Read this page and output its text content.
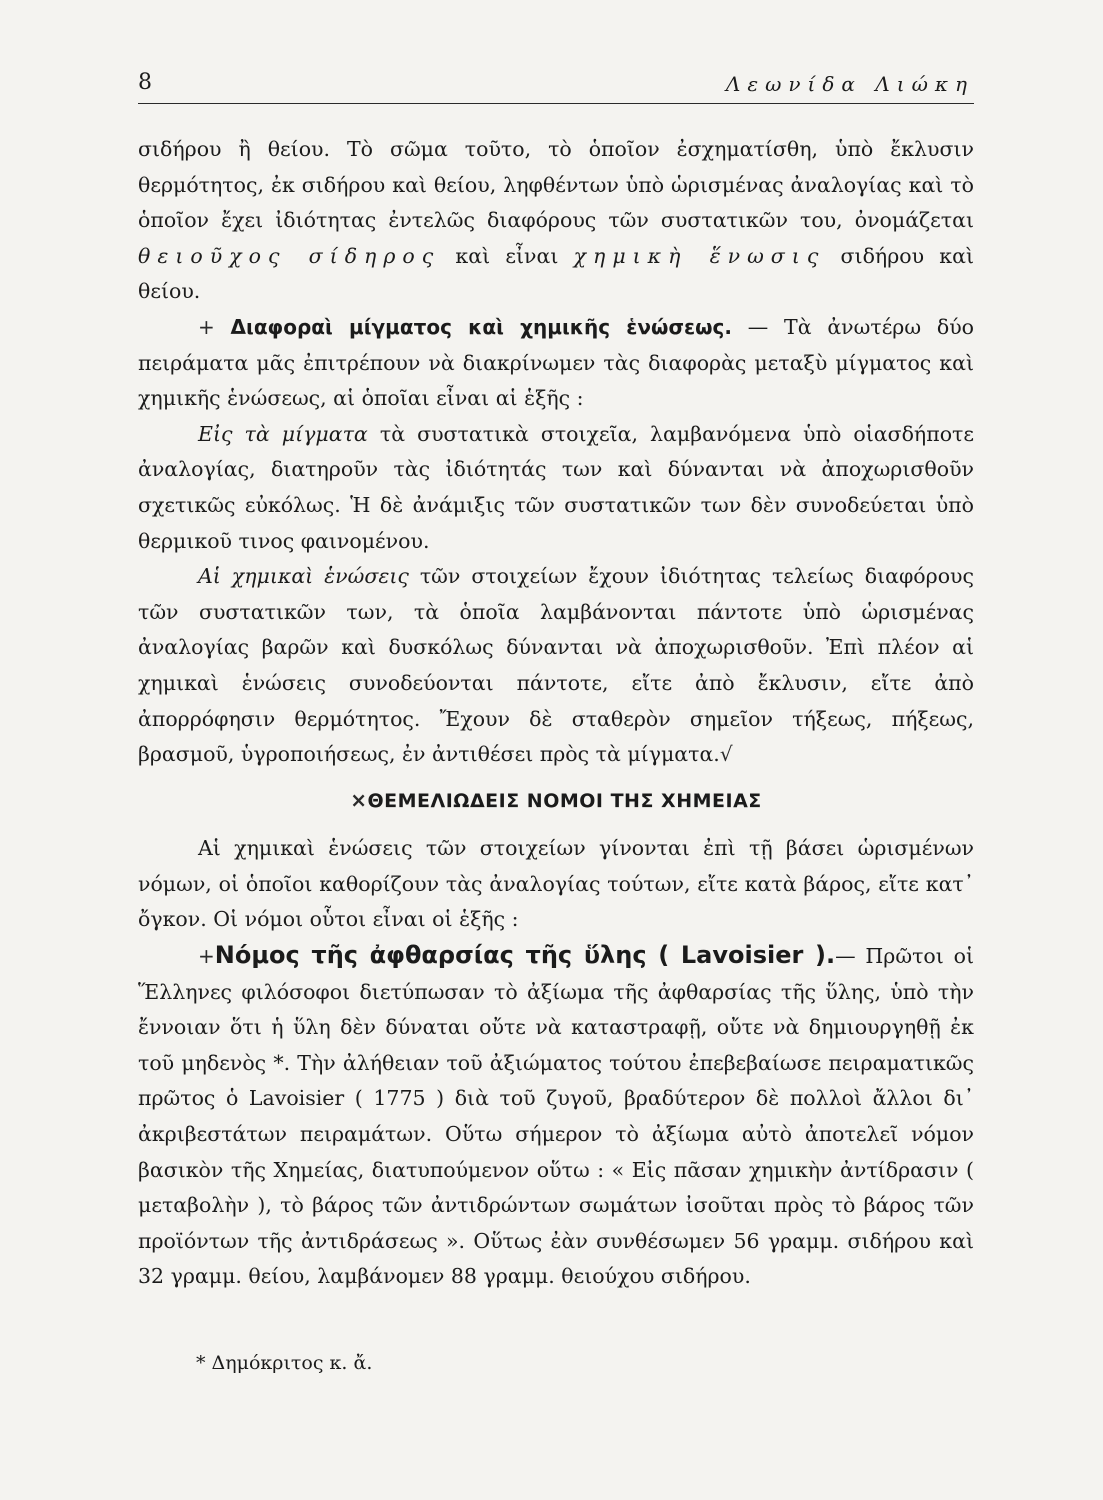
8	Λεωνίδα Λιώκη

σιδήρου ἢ θείου. Τὸ σῶμα τοῦτο, τὸ ὁποῖον ἐσχηματίσθη, ὑπὸ ἔκλυσιν θερμότητος, ἐκ σιδήρου καὶ θείου, ληφθέντων ὑπὸ ὡρισμένας ἀναλογίας καὶ τὸ ὁποῖον ἔχει ἰδιότητας ἐντελῶς διαφόρους τῶν συστατικῶν του, ὀνομάζεται θειοῦχος σίδηρος καὶ εἶναι χημικὴ ἕνωσις σιδήρου καὶ θείου.

+ Διαφοραὶ μίγματος καὶ χημικῆς ἑνώσεως. — Τὰ ἀνωτέρω δύο πειράματα μᾶς ἐπιτρέπουν νὰ διακρίνωμεν τὰς διαφορὰς μεταξὺ μίγματος καὶ χημικῆς ἑνώσεως, αἱ ὁποῖαι εἶναι αἱ ἑξῆς :

Εἰς τὰ μίγματα τὰ συστατικὰ στοιχεῖα, λαμβανόμενα ὑπὸ οἱασδήποτε ἀναλογίας, διατηροῦν τὰς ἰδιότητάς των καὶ δύνανται νὰ ἀποχωρισθοῦν σχετικῶς εὐκόλως. Ἡ δὲ ἀνάμιξις τῶν συστατικῶν των δὲν συνοδεύεται ὑπὸ θερμικοῦ τινος φαινομένου.

Αἱ χημικαὶ ἑνώσεις τῶν στοιχείων ἔχουν ἰδιότητας τελείως διαφόρους τῶν συστατικῶν των, τὰ ὁποῖα λαμβάνονται πάντοτε ὑπὸ ὡρισμένας ἀναλογίας βαρῶν καὶ δυσκόλως δύνανται νὰ ἀποχωρισθοῦν. Ἐπὶ πλέον αἱ χημικαὶ ἑνώσεις συνοδεύονται πάντοτε, εἴτε ἀπὸ ἔκλυσιν, εἴτε ἀπὸ ἀπορρόφησιν θερμότητος. Ἔχουν δὲ σταθερὸν σημεῖον τήξεως, πήξεως, βρασμοῦ, ὑγροποιήσεως, ἐν ἀντιθέσει πρὸς τὰ μίγματα.√

×ΘΕΜΕΛΙΩΔΕΙΣ ΝΟΜΟΙ ΤΗΣ ΧΗΜΕΙΑΣ

Αἱ χημικαὶ ἑνώσεις τῶν στοιχείων γίνονται ἐπὶ τῇ βάσει ὡρισμένων νόμων, οἱ ὁποῖοι καθορίζουν τὰς ἀναλογίας τούτων, εἴτε κατὰ βάρος, εἴτε κατ᾽ ὄγκον. Οἱ νόμοι οὗτοι εἶναι οἱ ἑξῆς :

+Νόμος τῆς ἀφθαρσίας τῆς ὕλης ( Lavoisier ).— Πρῶτοι οἱ Ἕλληνες φιλόσοφοι διετύπωσαν τὸ ἀξίωμα τῆς ἀφθαρσίας τῆς ὕλης, ὑπὸ τὴν ἔννοιαν ὅτι ἡ ὕλη δὲν δύναται οὔτε νὰ καταστραφῇ, οὔτε νὰ δημιουργηθῇ ἐκ τοῦ μηδενὸς *. Τὴν ἀλήθειαν τοῦ ἀξιώματος τούτου ἐπεβεβαίωσε πειραματικῶς πρῶτος ὁ Lavoisier ( 1775 ) διὰ τοῦ ζυγοῦ, βραδύτερον δὲ πολλοὶ ἄλλοι δι᾽ ἀκριβεστάτων πειραμάτων. Οὕτω σήμερον τὸ ἀξίωμα αὐτὸ ἀποτελεῖ νόμον βασικὸν τῆς Χημείας, διατυπούμενον οὕτω : « Εἰς πᾶσαν χημικὴν ἀντίδρασιν ( μεταβολὴν ), τὸ βάρος τῶν ἀντιδρώντων σωμάτων ἰσοῦται πρὸς τὸ βάρος τῶν προϊόντων τῆς ἀντιδράσεως ». Οὕτως ἐὰν συνθέσωμεν 56 γραμμ. σιδήρου καὶ 32 γραμμ. θείου, λαμβάνομεν 88 γραμμ. θειούχου σιδήρου.

* Δημόκριτος κ. ἄ.
